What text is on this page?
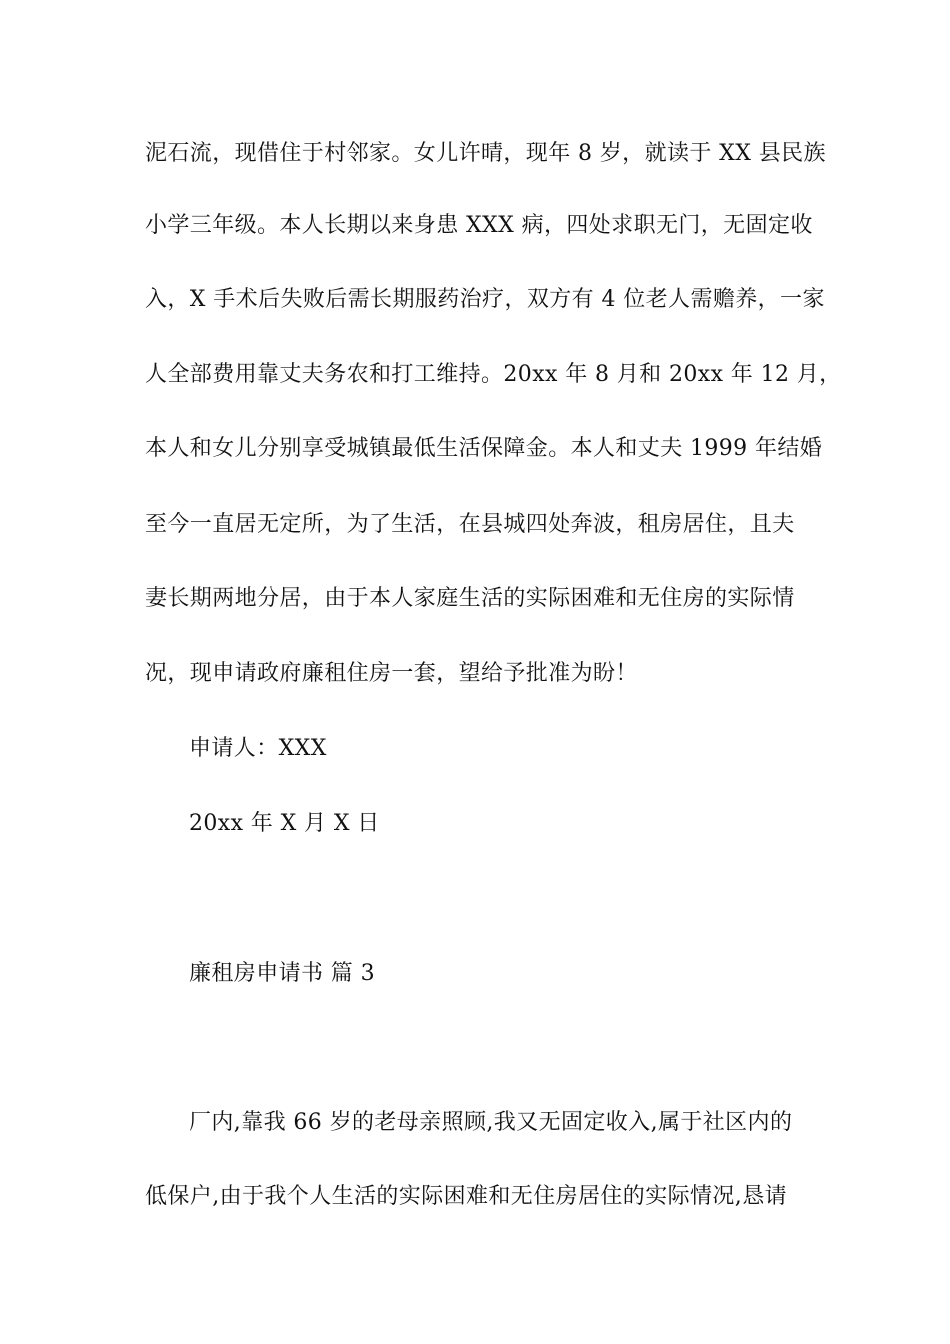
泥石流，现借住于村邻家。女儿许晴，现年 8 岁，就读于 XX 县民族
小学三年级。本人长期以来身患 XXX 病，四处求职无门，无固定收
入，X 手术后失败后需长期服药治疗，双方有 4 位老人需赡养，一家
人全部费用靠丈夫务农和打工维持。20xx 年 8 月和 20xx 年 12 月，
本人和女儿分别享受城镇最低生活保障金。本人和丈夫 1999 年结婚
至今一直居无定所，为了生活，在县城四处奔波，租房居住，且夫
妻长期两地分居，由于本人家庭生活的实际困难和无住房的实际情
况，现申请政府廉租住房一套，望给予批准为盼！
申请人：XXX
20xx 年 X 月 X 日
廉租房申请书 篇 3
厂内,靠我 66 岁的老母亲照顾,我又无固定收入,属于社区内的
低保户,由于我个人生活的实际困难和无住房居住的实际情况,恳请
